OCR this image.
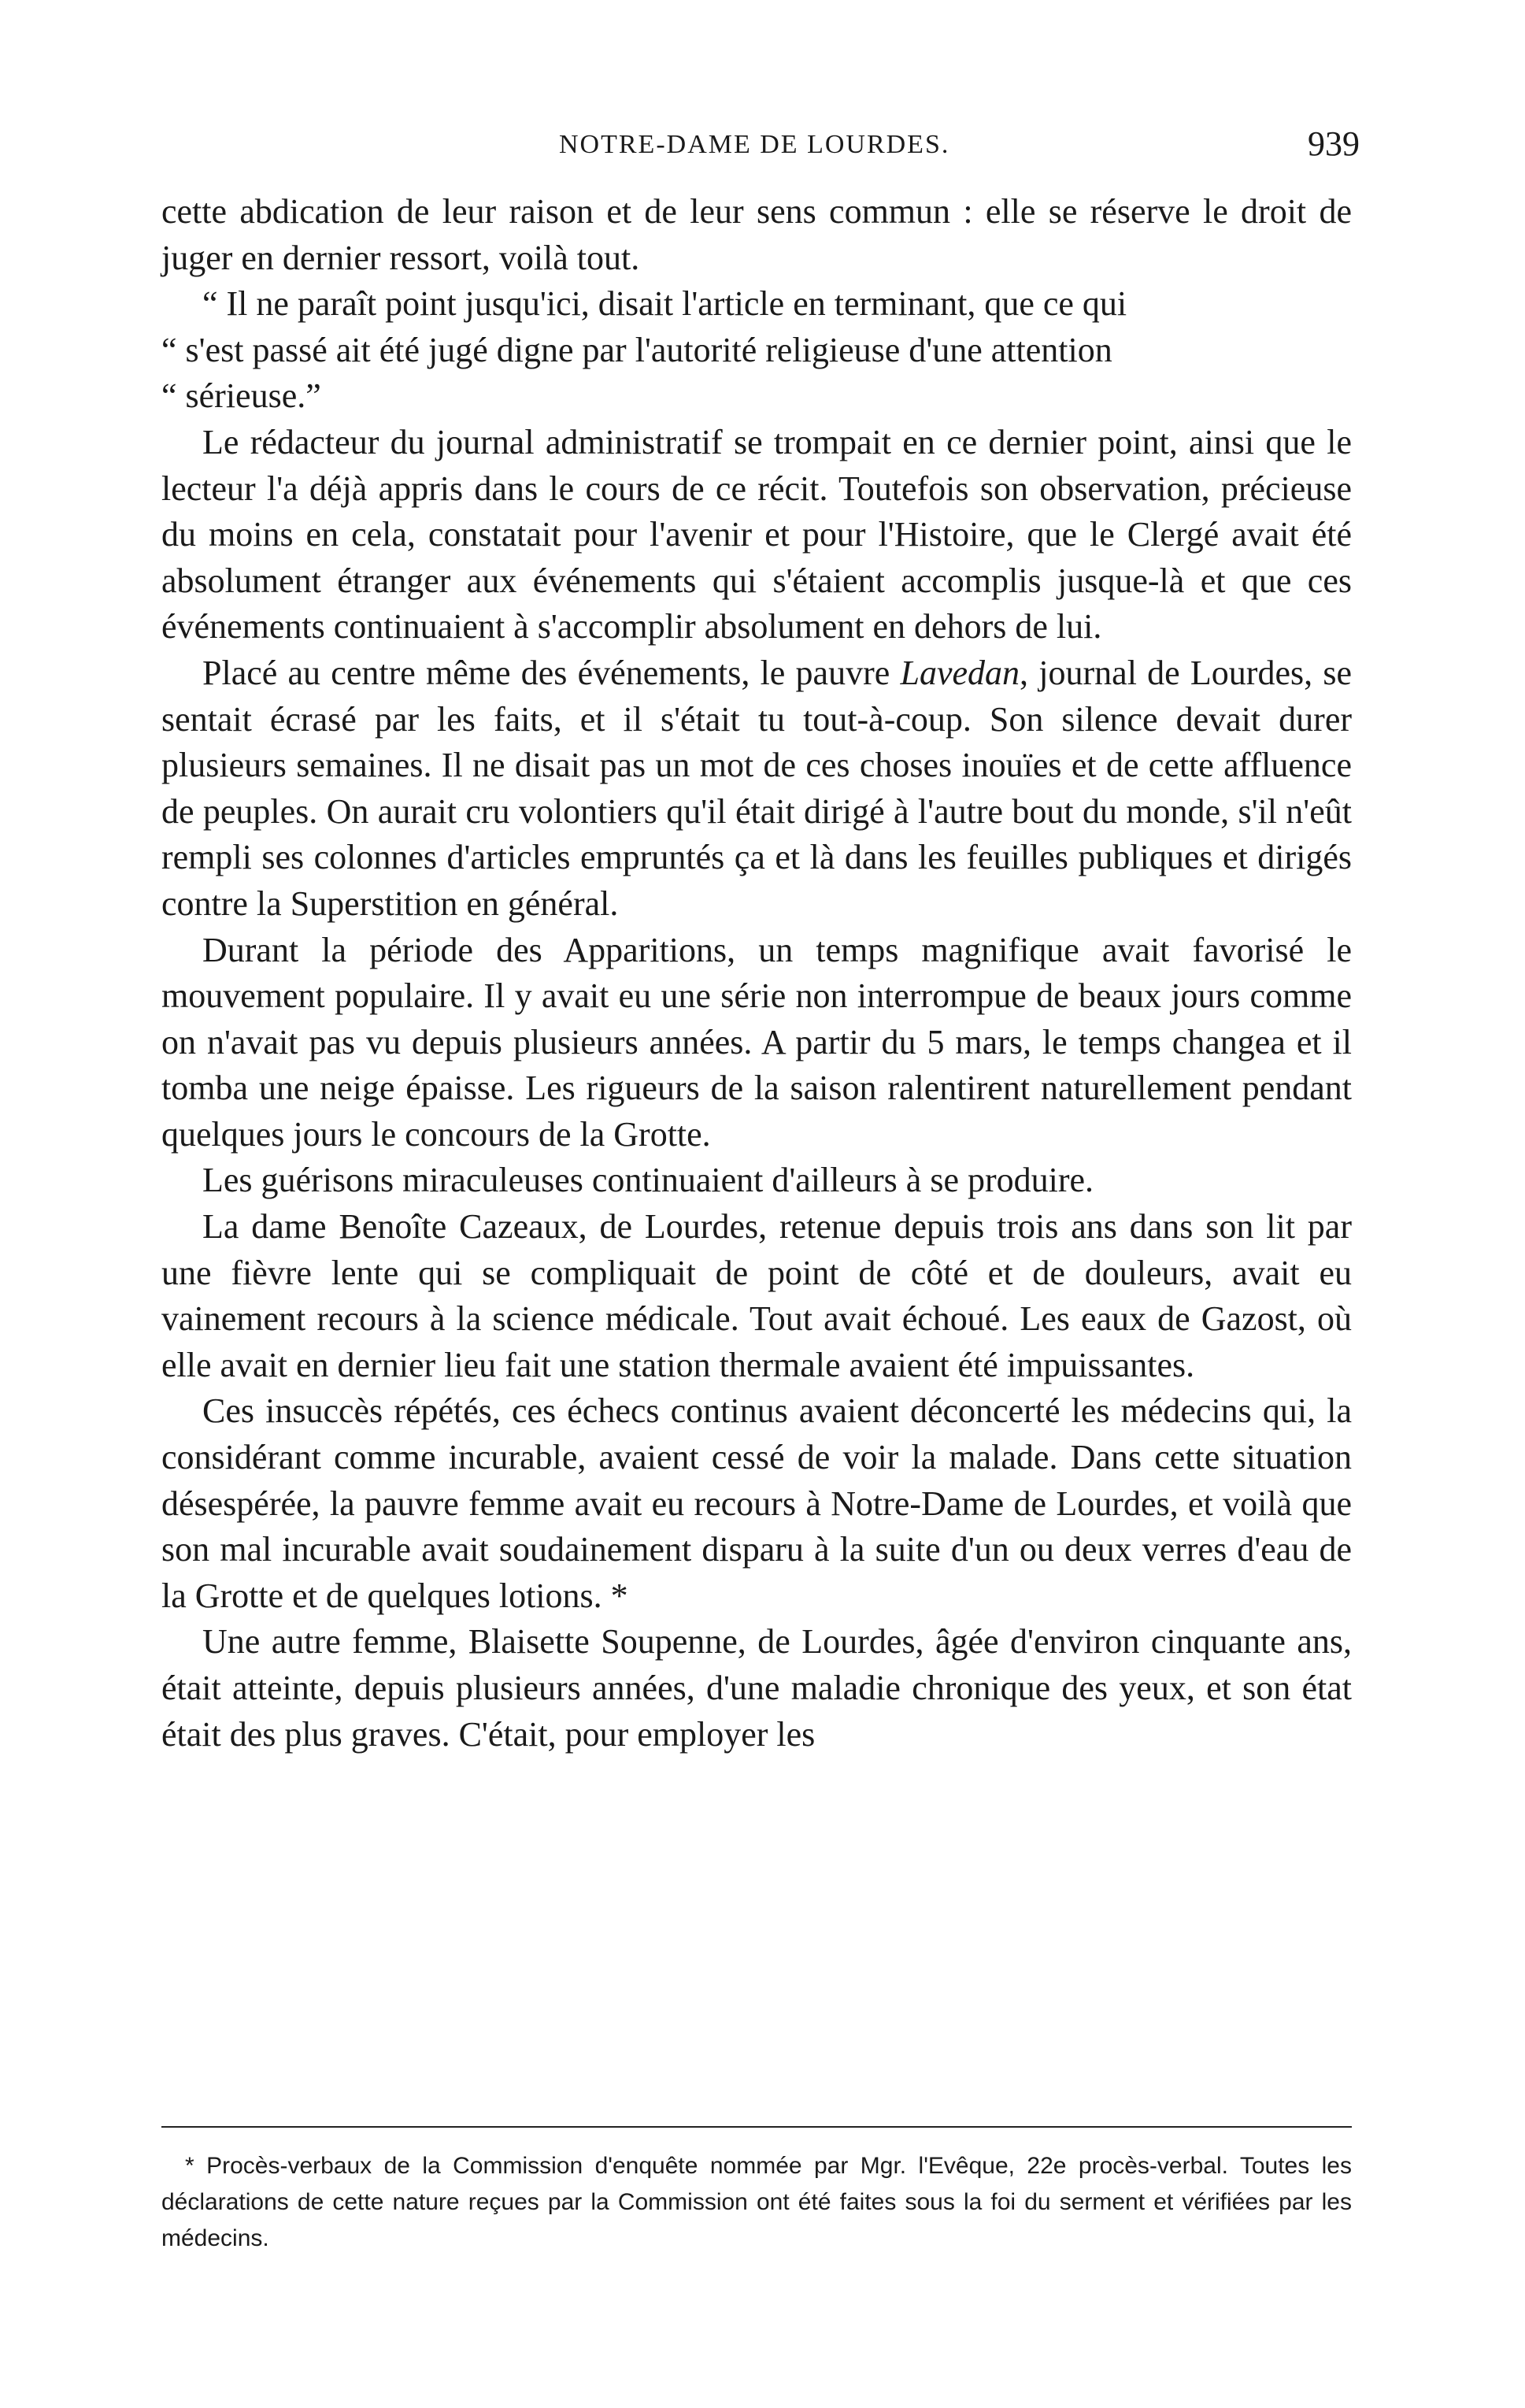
NOTRE-DAME DE LOURDES.	939

cette abdication de leur raison et de leur sens commun : elle se réserve le droit de juger en dernier ressort, voilà tout.

“ Il ne paraît point jusqu'ici, disait l'article en terminant, que ce qui
“ s'est passé ait été jugé digne par l'autorité religieuse d'une attention
“ sérieuse.”

Le rédacteur du journal administratif se trompait en ce dernier point, ainsi que le lecteur l'a déjà appris dans le cours de ce récit. Toutefois son observation, précieuse du moins en cela, constatait pour l'avenir et pour l'Histoire, que le Clergé avait été absolument étranger aux événements qui s'étaient accomplis jusque-là et que ces événements continuaient à s'accomplir absolument en dehors de lui.

Placé au centre même des événements, le pauvre Lavedan, journal de Lourdes, se sentait écrasé par les faits, et il s'était tu tout-à-coup. Son silence devait durer plusieurs semaines. Il ne disait pas un mot de ces choses inouïes et de cette affluence de peuples. On aurait cru volontiers qu'il était dirigé à l'autre bout du monde, s'il n'eût rempli ses colonnes d'articles empruntés ça et là dans les feuilles publiques et dirigés contre la Superstition en général.

Durant la période des Apparitions, un temps magnifique avait favorisé le mouvement populaire. Il y avait eu une série non interrompue de beaux jours comme on n'avait pas vu depuis plusieurs années. A partir du 5 mars, le temps changea et il tomba une neige épaisse. Les rigueurs de la saison ralentirent naturellement pendant quelques jours le concours de la Grotte.

Les guérisons miraculeuses continuaient d'ailleurs à se produire.

La dame Benoîte Cazeaux, de Lourdes, retenue depuis trois ans dans son lit par une fièvre lente qui se compliquait de point de côté et de douleurs, avait eu vainement recours à la science médicale. Tout avait échoué. Les eaux de Gazost, où elle avait en dernier lieu fait une station thermale avaient été impuissantes.

Ces insuccès répétés, ces échecs continus avaient déconcerté les médecins qui, la considérant comme incurable, avaient cessé de voir la malade. Dans cette situation désespérée, la pauvre femme avait eu recours à Notre-Dame de Lourdes, et voilà que son mal incurable avait soudainement disparu à la suite d'un ou deux verres d'eau de la Grotte et de quelques lotions. *

Une autre femme, Blaisette Soupenne, de Lourdes, âgée d'environ cinquante ans, était atteinte, depuis plusieurs années, d'une maladie chronique des yeux, et son état était des plus graves. C'était, pour employer les

* Procès-verbaux de la Commission d'enquête nommée par Mgr. l'Evêque, 22e procès-verbal. Toutes les déclarations de cette nature reçues par la Commission ont été faites sous la foi du serment et vérifiées par les médecins.
